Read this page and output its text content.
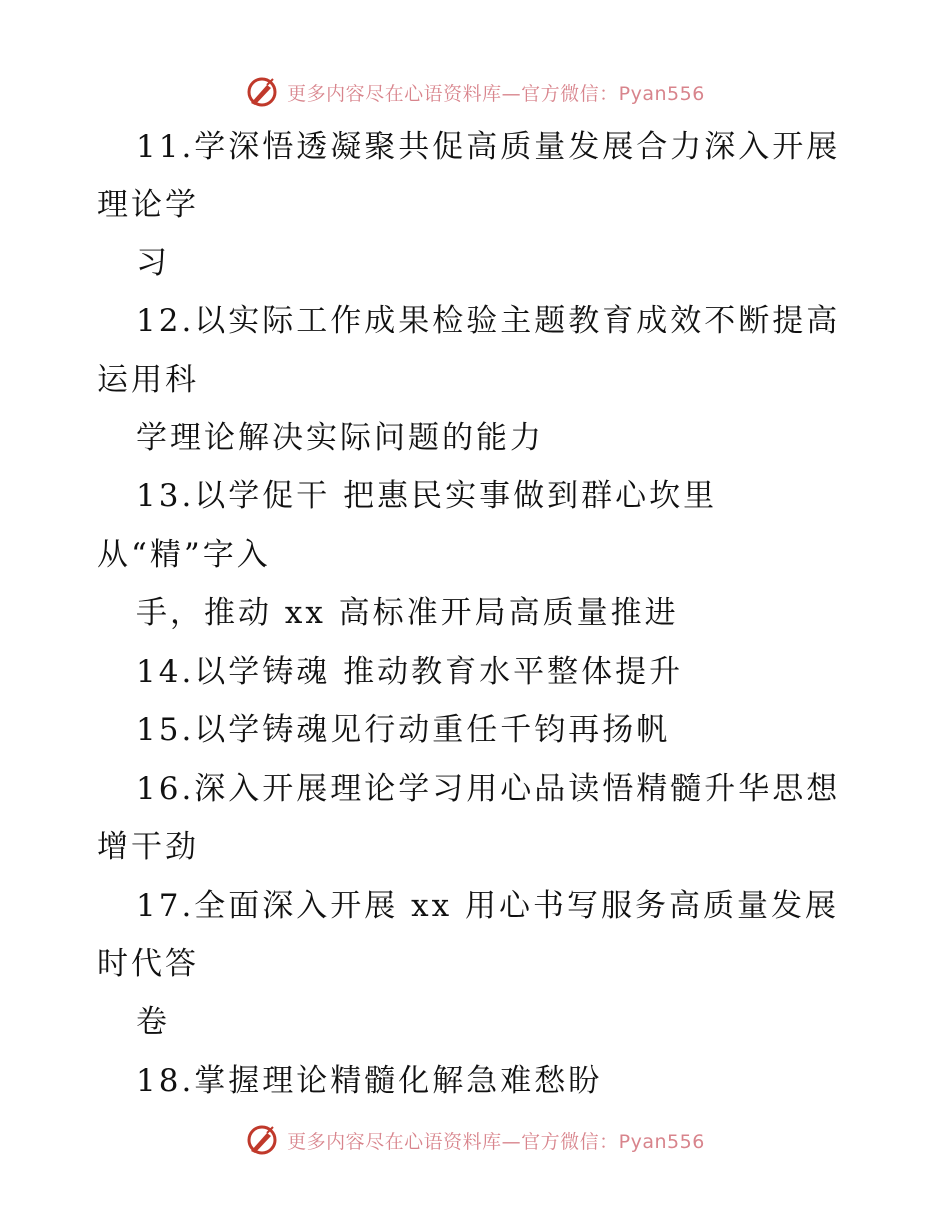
更多内容尽在心语资料库—官方微信：Pyan556
11.学深悟透凝聚共促高质量发展合力深入开展
理论学
习
12.以实际工作成果检验主题教育成效不断提高
运用科
学理论解决实际问题的能力
13.以学促干 把惠民实事做到群心坎里
从“精”字入
手，推动 xx 高标准开局高质量推进
14.以学铸魂 推动教育水平整体提升
15.以学铸魂见行动重任千钧再扬帆
16.深入开展理论学习用心品读悟精髓升华思想
增干劲
17.全面深入开展 xx 用心书写服务高质量发展
时代答
卷
18.掌握理论精髓化解急难愁盼
更多内容尽在心语资料库—官方微信：Pyan556
